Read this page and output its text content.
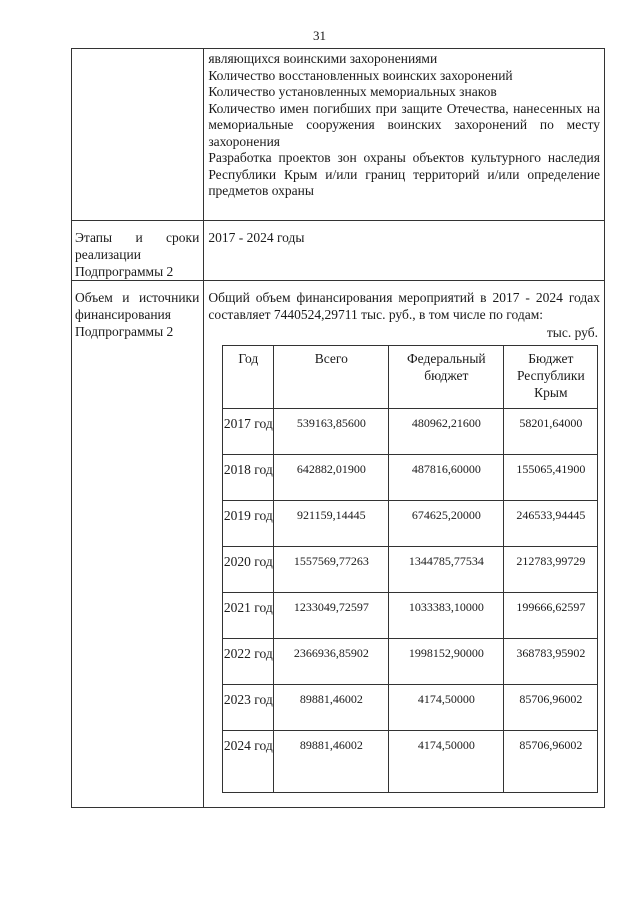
31

являющихся воинскими захоронениями

Количество восстановленных воинских захоронений

Количество установленных мемориальных знаков

Количество имен погибших при защите Отечества, нанесенных на мемориальные сооружения воинских захоронений по месту захоронения

Разработка проектов зон охраны объектов культурного наследия Республики Крым и/или границ территорий и/или определение предметов охраны

Этапы и сроки реализации Подпрограммы 2

2017 - 2024 годы

Объем и источники финансирования Подпрограммы 2

Общий объем финансирования мероприятий в 2017 - 2024 годах составляет 7440524,29711 тыс. руб., в том числе по годам:
тыс. руб.
Год	Всего	Федеральный бюджет	Бюджет Республики Крым
2017 год	539163,85600	480962,21600	58201,64000
2018 год	642882,01900	487816,60000	155065,41900
2019 год	921159,14445	674625,20000	246533,94445
2020 год	1557569,77263	1344785,77534	212783,99729
2021 год	1233049,72597	1033383,10000	199666,62597
2022 год	2366936,85902	1998152,90000	368783,95902
2023 год	89881,46002	4174,50000	85706,96002
2024 год	89881,46002	4174,50000	85706,96002
